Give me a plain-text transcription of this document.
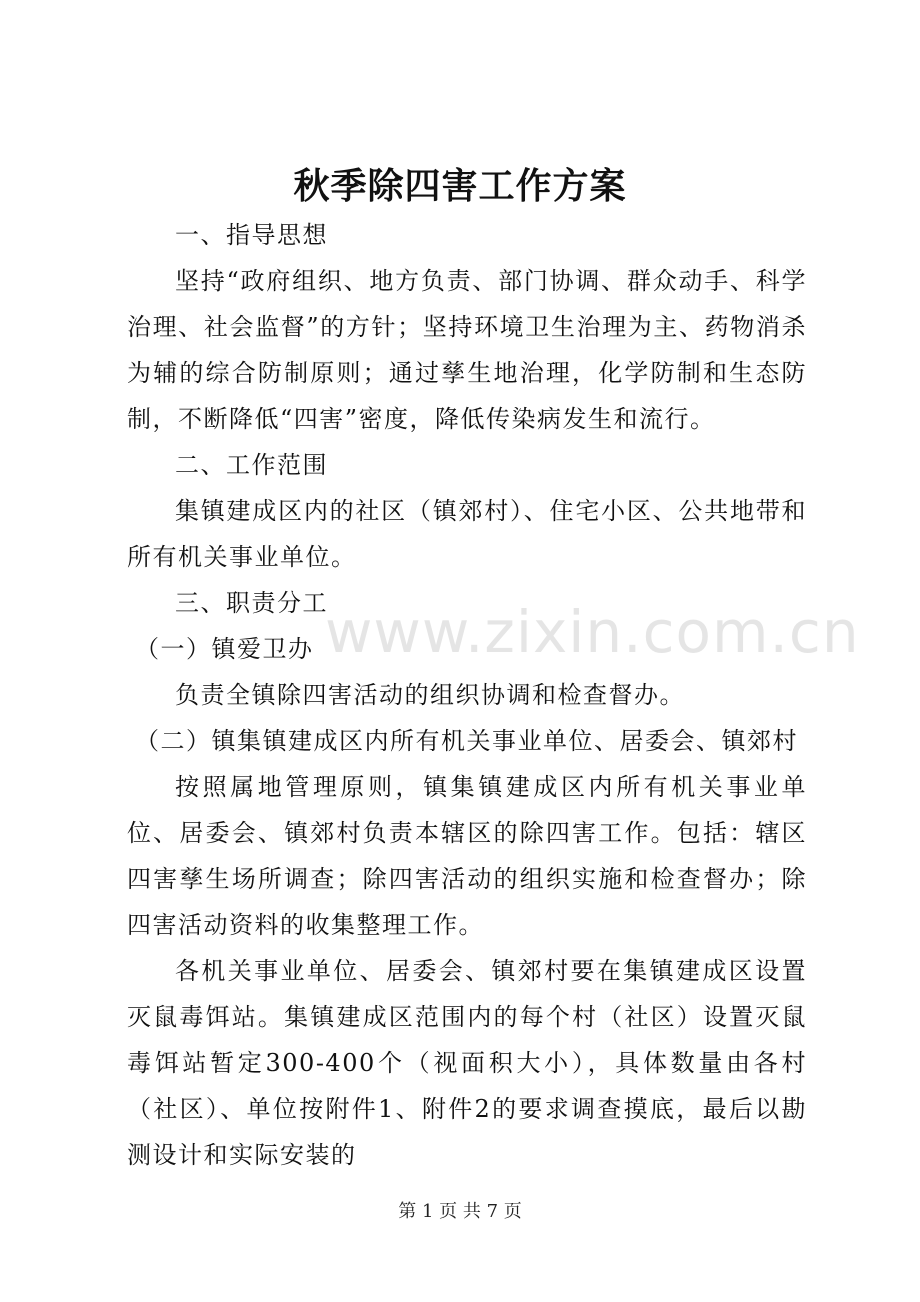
秋季除四害工作方案

一、指导思想

坚持“政府组织、地方负责、部门协调、群众动手、科学治理、社会监督”的方针；坚持环境卫生治理为主、药物消杀为辅的综合防制原则；通过孳生地治理，化学防制和生态防制，不断降低“四害”密度，降低传染病发生和流行。

二、工作范围

集镇建成区内的社区（镇郊村）、住宅小区、公共地带和所有机关事业单位。

三、职责分工

（一）镇爱卫办

负责全镇除四害活动的组织协调和检查督办。

（二）镇集镇建成区内所有机关事业单位、居委会、镇郊村

按照属地管理原则，镇集镇建成区内所有机关事业单位、居委会、镇郊村负责本辖区的除四害工作。包括：辖区四害孳生场所调查；除四害活动的组织实施和检查督办；除四害活动资料的收集整理工作。

各机关事业单位、居委会、镇郊村要在集镇建成区设置灭鼠毒饵站。集镇建成区范围内的每个村（社区）设置灭鼠毒饵站暂定300-400个（视面积大小），具体数量由各村（社区）、单位按附件1、附件2的要求调查摸底，最后以勘测设计和实际安装的

www.zixin.com.cn
第 1 页 共 7 页
